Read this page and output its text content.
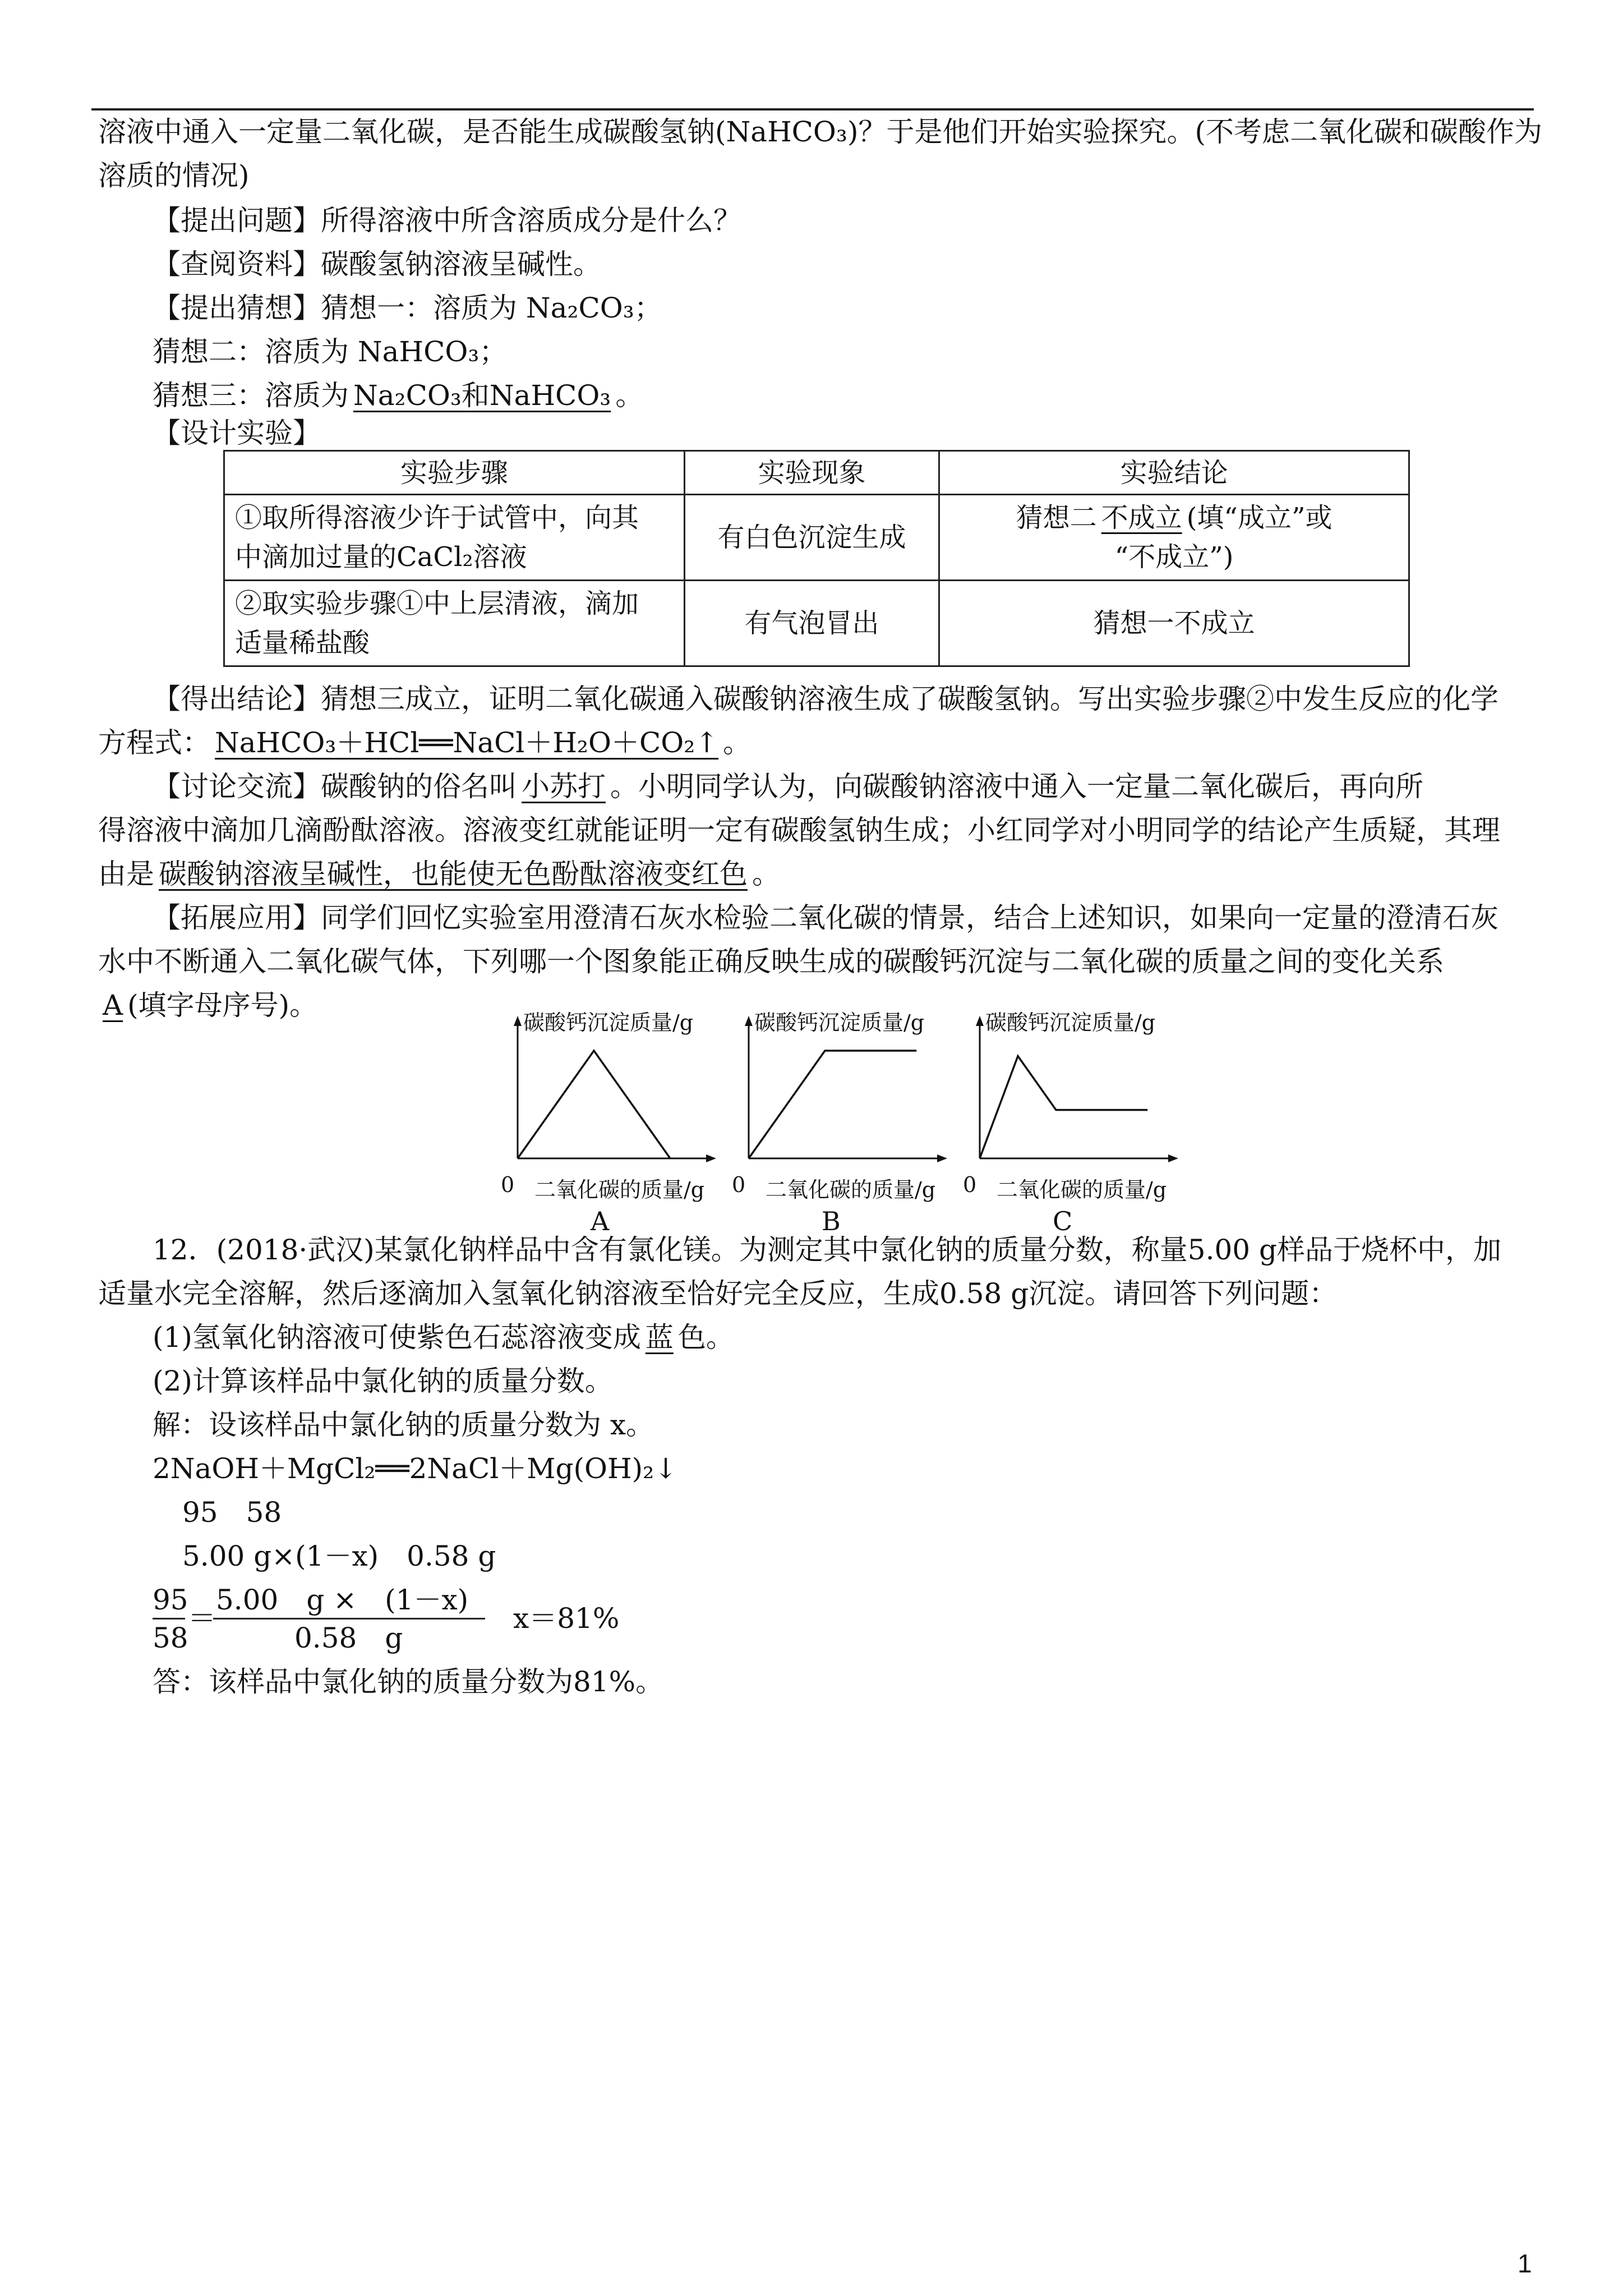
溶液中通入一定量二氧化碳，是否能生成碳酸氢钠(NaHCO₃)？于是他们开始实验探究。(不考虑二氧化碳和碳酸作为
溶质的情况)
【提出问题】所得溶液中所含溶质成分是什么？
【查阅资料】碳酸氢钠溶液呈碱性。
【提出猜想】猜想一：溶质为 Na₂CO₃；
猜想二：溶质为 NaHCO₃；
猜想三：溶质为 Na₂CO₃和NaHCO₃ 。
【设计实验】
实验步骤	实验现象	实验结论
①取所得溶液少许于试管中，向其
中滴加过量的CaCl₂溶液	有白色沉淀生成	猜想二 不成立 (填“成立”或
“不成立”)
②取实验步骤①中上层清液，滴加
适量稀盐酸	有气泡冒出	猜想一不成立
【得出结论】猜想三成立，证明二氧化碳通入碳酸钠溶液生成了碳酸氢钠。写出实验步骤②中发生反应的化学
方程式： NaHCO₃＋HCl══NaCl＋H₂O＋CO₂↑ 。
【讨论交流】碳酸钠的俗名叫 小苏打 。小明同学认为，向碳酸钠溶液中通入一定量二氧化碳后，再向所
得溶液中滴加几滴酚酞溶液。溶液变红就能证明一定有碳酸氢钠生成；小红同学对小明同学的结论产生质疑，其理
由是 碳酸钠溶液呈碱性，也能使无色酚酞溶液变红色 。
【拓展应用】同学们回忆实验室用澄清石灰水检验二氧化碳的情景，结合上述知识，如果向一定量的澄清石灰
水中不断通入二氧化碳气体，下列哪一个图象能正确反映生成的碳酸钙沉淀与二氧化碳的质量之间的变化关系
A (填字母序号)。
碳酸钙沉淀质量/g
0 二氧化碳的质量/g
A
碳酸钙沉淀质量/g
0 二氧化碳的质量/g
B
碳酸钙沉淀质量/g
0 二氧化碳的质量/g
C
12．(2018·武汉)某氯化钠样品中含有氯化镁。为测定其中氯化钠的质量分数，称量5.00 g样品于烧杯中，加
适量水完全溶解，然后逐滴加入氢氧化钠溶液至恰好完全反应，生成0.58 g沉淀。请回答下列问题：
(1)氢氧化钠溶液可使紫色石蕊溶液变成 蓝 色。
(2)计算该样品中氯化钠的质量分数。
解：设该样品中氯化钠的质量分数为 x。
2NaOH＋MgCl₂══2NaCl＋Mg(OH)₂↓
95　58
5.00 g×(1－x)　0.58 g
95
58
＝
5.00　g ×　(1－x)
0.58　g
x＝81%
答：该样品中氯化钠的质量分数为81%。
1
